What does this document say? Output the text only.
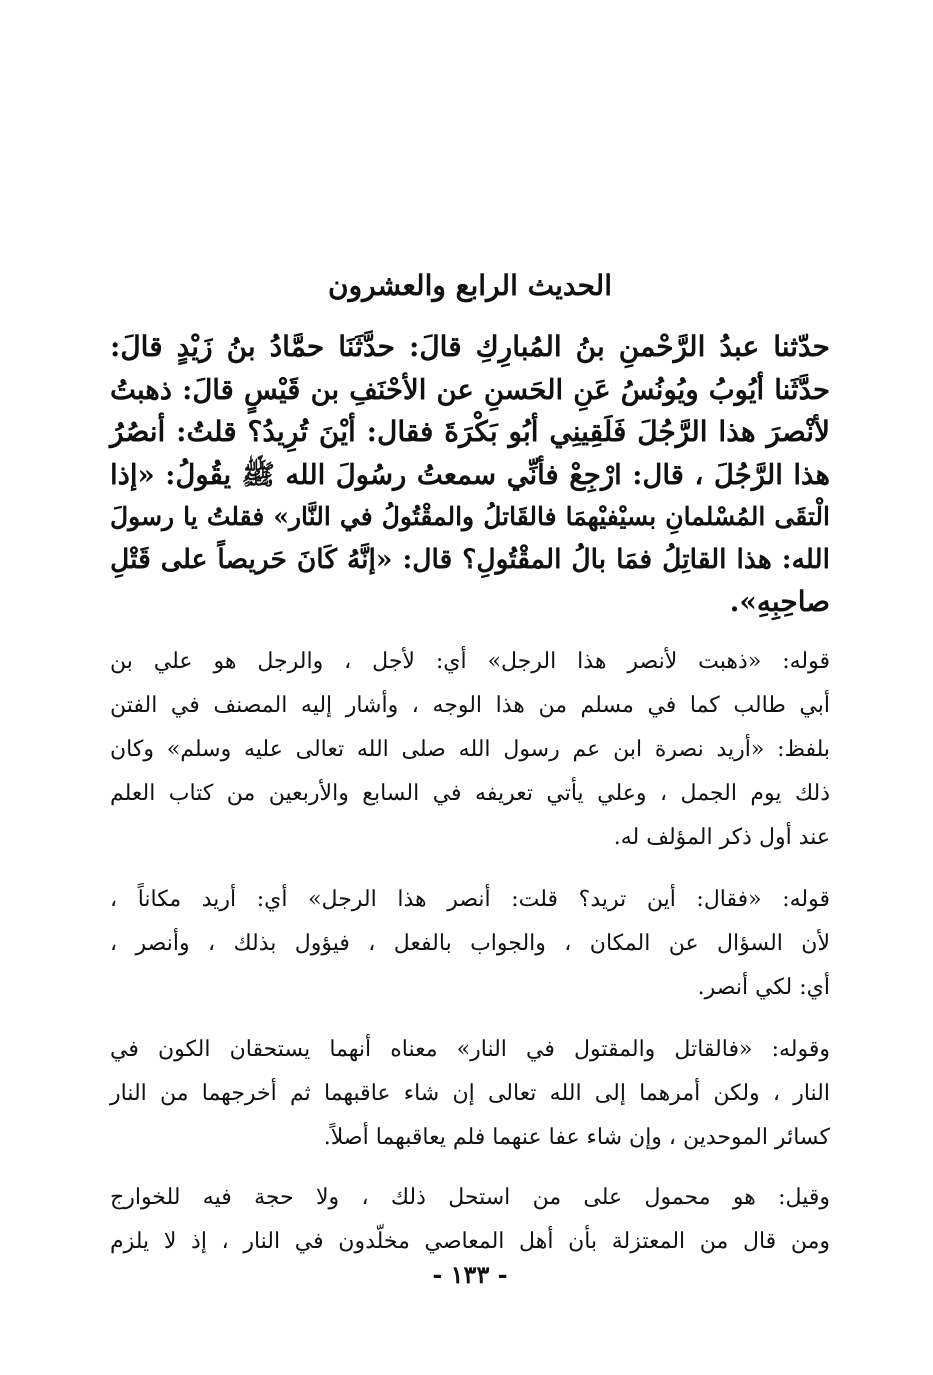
الحديث الرابع والعشرون
حدّثنا عبدُ الرَّحْمنِ بنُ المُبارِكِ قالَ: حدَّثَنَا حمَّادُ بنُ زَيْدٍ قالَ:
حدَّثَنا أيُوبُ ويُونُسُ عَنِ الحَسنِ عن الأحْنَفِ بن قَيْسٍ قالَ: ذهبتُ
لأنْصرَ هذا الرَّجُلَ فَلَقِينِي أبُو بَكْرَةَ فقال: أيْنَ تُرِيدُ؟ قلتُ: أنصُرُ
هذا الرَّجُلَ ، قال: ارْجِعْ فأنِّي سمعتُ رسُولَ الله ﷺ يقُولُ: «إذا
الْتقَى المُسْلمانِ بسيْفيْهمَا فالقَاتلُ والمقْتُولُ في النَّار» فقلتُ يا رسولَ
الله: هذا القاتِلُ فمَا بالُ المقْتُولِ؟ قال: «إنَّهُ كَانَ حَريصاً على قَتْلِ
صاحِبِهِ».
قوله: «ذهبت لأنصر هذا الرجل» أي: لأجل ، والرجل هو علي بن
أبي طالب كما في مسلم من هذا الوجه ، وأشار إليه المصنف في الفتن
بلفظ: «أريد نصرة ابن عم رسول الله صلى الله تعالى عليه وسلم» وكان
ذلك يوم الجمل ، وعلي يأتي تعريفه في السابع والأربعين من كتاب العلم
عند أول ذكر المؤلف له.
قوله: «فقال: أين تريد؟ قلت: أنصر هذا الرجل» أي: أريد مكاناً ،
لأن السؤال عن المكان ، والجواب بالفعل ، فيؤول بذلك ، وأنصر ،
أي: لكي أنصر.
وقوله: «فالقاتل والمقتول في النار» معناه أنهما يستحقان الكون في
النار ، ولكن أمرهما إلى الله تعالى إن شاء عاقبهما ثم أخرجهما من النار
كسائر الموحدين ، وإن شاء عفا عنهما فلم يعاقبهما أصلاً.
وقيل: هو محمول على من استحل ذلك ، ولا حجة فيه للخوارج
ومن قال من المعتزلة بأن أهل المعاصي مخلّدون في النار ، إذ لا يلزم
- ١٣٣ -
